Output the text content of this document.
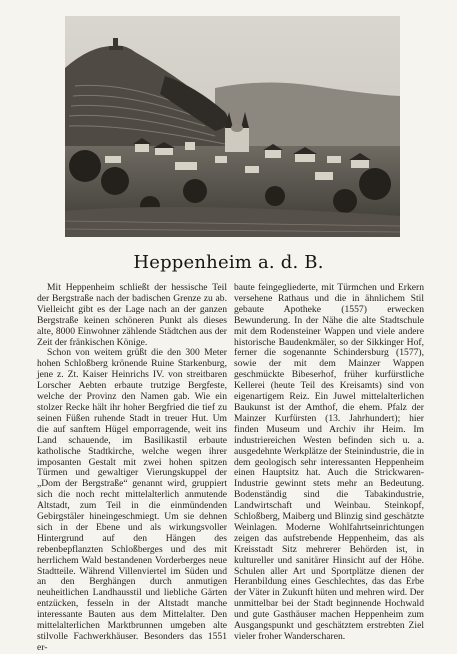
Heppenheim a. d. B.

Mit Heppenheim schließt der hessische Teil der Bergstraße nach der badischen Grenze zu ab. Vielleicht gibt es der Lage nach an der ganzen Bergstraße keinen schöneren Punkt als dieses alte, 8000 Einwohner zählende Städtchen aus der Zeit der fränkischen Könige.

Schon von weitem grüßt die den 300 Meter hohen Schloßberg krönende Ruine Starkenburg, jene z. Zt. Kaiser Heinrichs IV. von streitbaren Lorscher Aebten erbaute trutzige Bergfeste, welche der Provinz den Namen gab. Wie ein stolzer Recke hält ihr hoher Bergfried die tief zu seinen Füßen ruhende Stadt in treuer Hut. Um die auf sanftem Hügel emporragende, weit ins Land schauende, im Basilikastil erbaute katholische Stadtkirche, welche wegen ihrer imposanten Gestalt mit zwei hohen spitzen Türmen und gewaltiger Vierungskuppel der „Dom der Bergstraße“ genannt wird, gruppiert sich die noch recht mittelalterlich anmutende Altstadt, zum Teil in die einmündenden Gebirgstäler hineingeschmiegt. Um sie dehnen sich in der Ebene und als wirkungsvoller Hintergrund auf den Hängen des rebenbepflanzten Schloßberges und des mit herrlichem Wald bestandenen Vorderberges neue Stadtteile. Während Villenviertel im Süden und an den Berghängen durch anmutigen neuheitlichen Landhausstil und liebliche Gärten entzücken, fesseln in der Altstadt manche interessante Bauten aus dem Mittelalter. Den mittelalterlichen Marktbrunnen umgeben alte stilvolle Fachwerkhäuser. Besonders das 1551 er-

baute feingegliederte, mit Türmchen und Erkern versehene Rathaus und die in ähnlichem Stil gebaute Apotheke (1557) erwecken Bewunderung. In der Nähe die alte Stadtschule mit dem Rodensteiner Wappen und viele andere historische Baudenkmäler, so der Sikkinger Hof, ferner die sogenannte Schindersburg (1577), sowie der mit dem Mainzer Wappen geschmückte Bibeserhof, früher kurfürstliche Kellerei (heute Teil des Kreisamts) sind von eigenartigem Reiz. Ein Juwel mittelalterlichen Baukunst ist der Amthof, die ehem. Pfalz der Mainzer Kurfürsten (13. Jahrhundert); hier finden Museum und Archiv ihr Heim. Im industriereichen Westen befinden sich u. a. ausgedehnte Werkplätze der Steinindustrie, die in dem geologisch sehr interessanten Heppenheim einen Hauptsitz hat. Auch die Strickwaren-Industrie gewinnt stets mehr an Bedeutung. Bodenständig sind die Tabakindustrie, Landwirtschaft und Weinbau. Steinkopf, Schloßberg, Maiberg und Blinzig sind geschätzte Weinlagen. Moderne Wohlfahrtseinrichtungen zeigen das aufstrebende Heppenheim, das als Kreisstadt Sitz mehrerer Behörden ist, in kultureller und sanitärer Hinsicht auf der Höhe. Schulen aller Art und Sportplätze dienen der Heranbildung eines Geschlechtes, das das Erbe der Väter in Zukunft hüten und mehren wird. Der unmittelbar bei der Stadt beginnende Hochwald und gute Gasthäuser machen Heppenheim zum Ausgangspunkt und geschätztem erstrebten Ziel vieler froher Wanderscharen.
